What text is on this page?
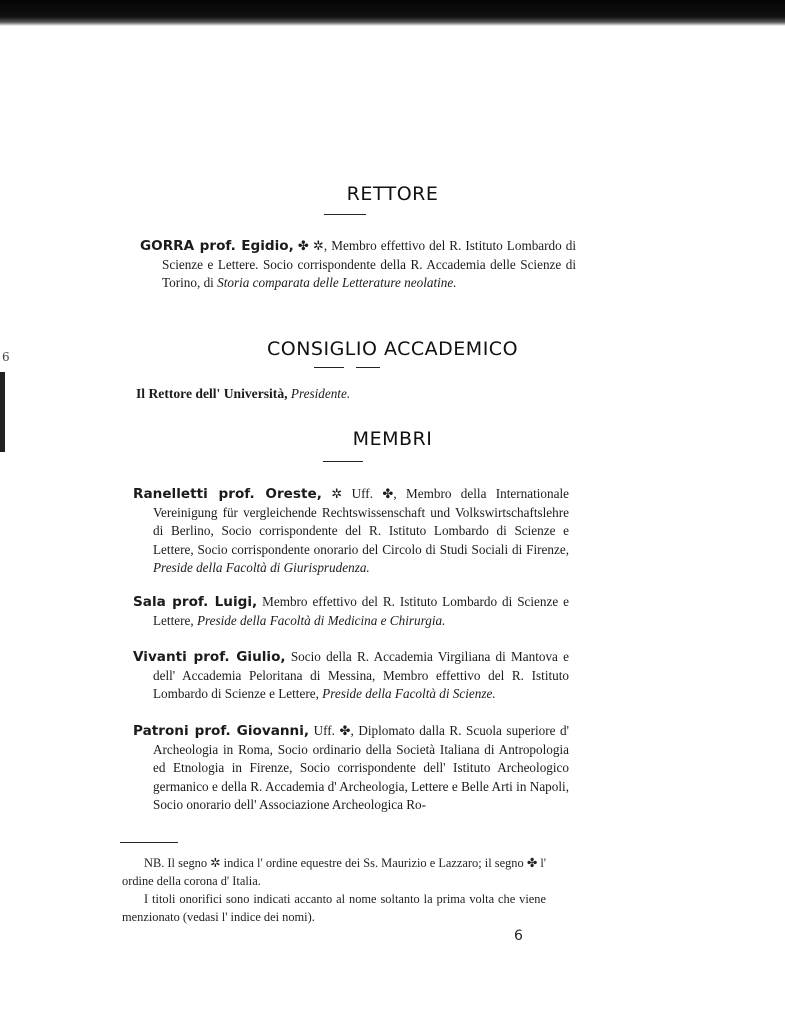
6
RETTORE
GORRA prof. Egidio, ✤ ✲, Membro effettivo del R. Istituto Lombardo di Scienze e Lettere. Socio corrispondente della R. Accademia delle Scienze di Torino, di Storia comparata delle Letterature neolatine.
CONSIGLIO ACCADEMICO
Il Rettore dell' Università, Presidente.
MEMBRI
Ranelletti prof. Oreste, ✲ Uff. ✤, Membro della Internationale Vereinigung für vergleichende Rechtswissenschaft und Volkswirtschaftslehre di Berlino, Socio corrispondente del R. Istituto Lombardo di Scienze e Lettere, Socio corrispondente onorario del Circolo di Studi Sociali di Firenze, Preside della Facoltà di Giurisprudenza.
Sala prof. Luigi, Membro effettivo del R. Istituto Lombardo di Scienze e Lettere, Preside della Facoltà di Medicina e Chirurgia.
Vivanti prof. Giulio, Socio della R. Accademia Virgiliana di Mantova e dell' Accademia Peloritana di Messina, Membro effettivo del R. Istituto Lombardo di Scienze e Lettere, Preside della Facoltà di Scienze.
Patroni prof. Giovanni, Uff. ✤, Diplomato dalla R. Scuola superiore d' Archeologia in Roma, Socio ordinario della Società Italiana di Antropologia ed Etnologia in Firenze, Socio corrispondente dell' Istituto Archeologico germanico e della R. Accademia d' Archeologia, Lettere e Belle Arti in Napoli, Socio onorario dell' Associazione Archeologica Ro-
NB. Il segno ✲ indica l' ordine equestre dei Ss. Maurizio e Lazzaro; il segno ✤ l' ordine della corona d' Italia.
I titoli onorifici sono indicati accanto al nome soltanto la prima volta che viene menzionato (vedasi l' indice dei nomi).
6
